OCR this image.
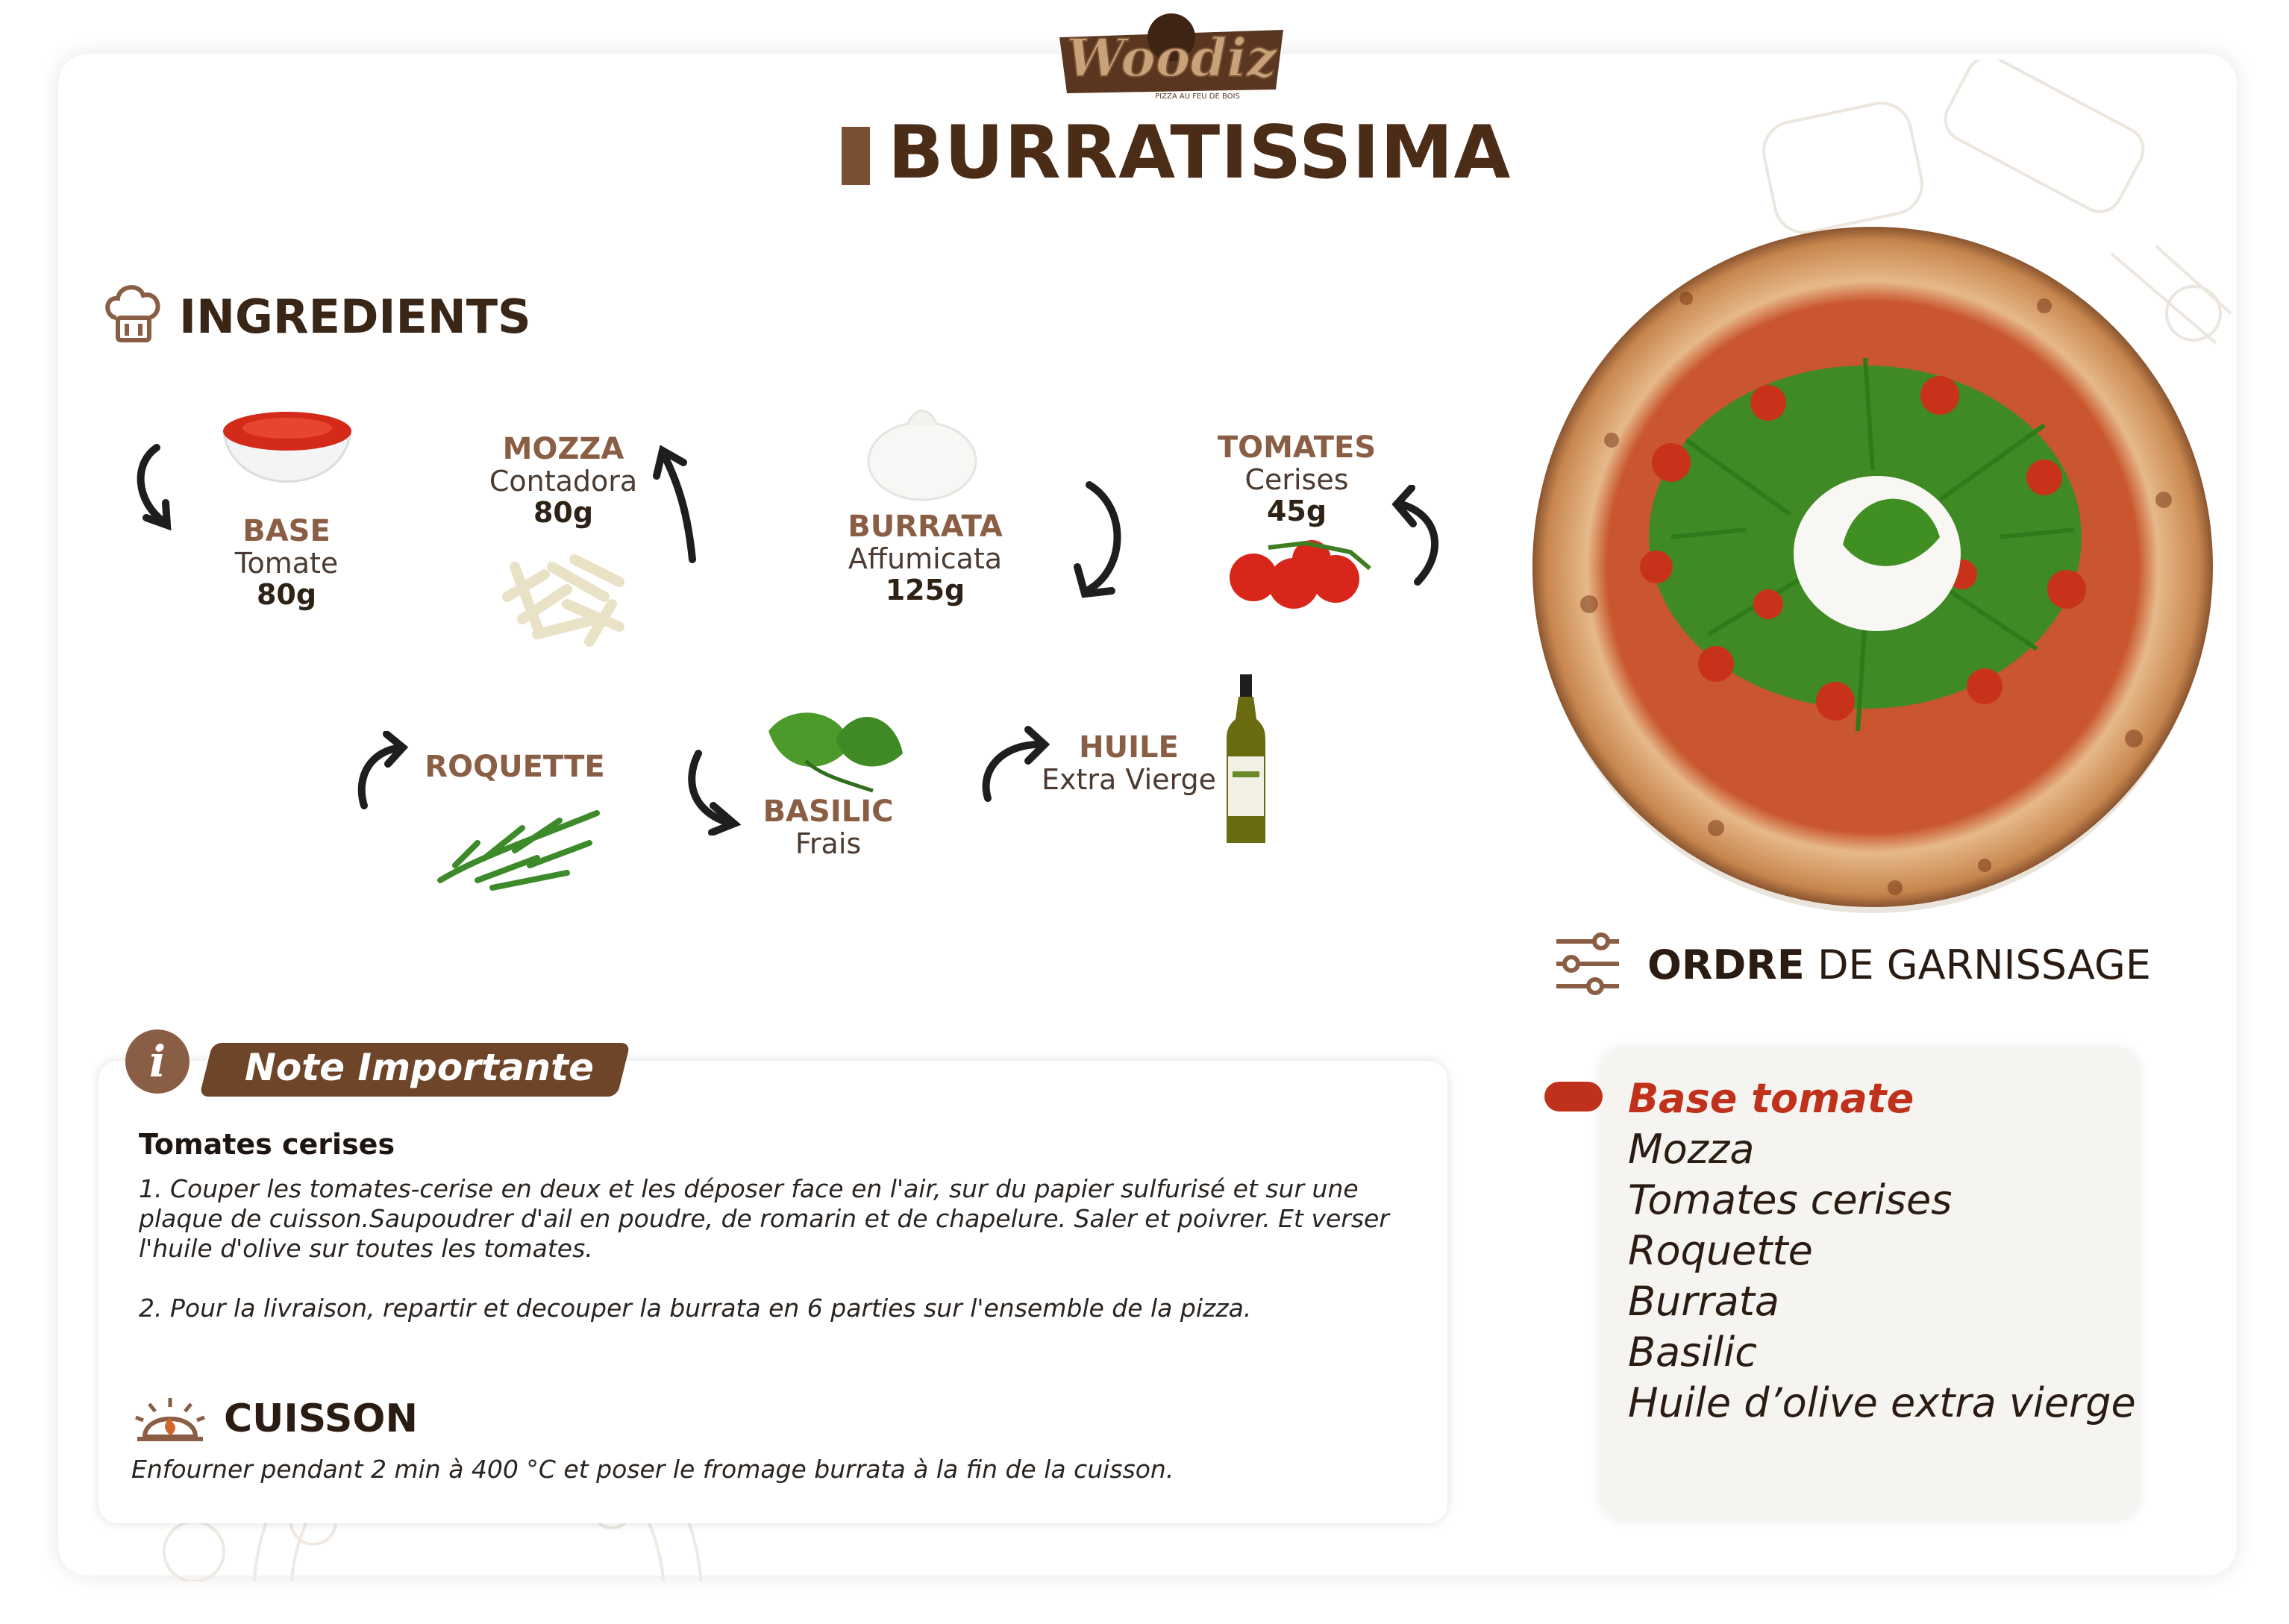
Woodiz
PIZZA AU FEU DE BOIS
BURRATISSIMA
INGREDIENTS
BASE
Tomate
80g
MOZZA
Contadora
80g	BURRATA
Affumicata
125g
TOMATES
Cerises
45g
ROQUETTE
BASILIC
Frais
HUILE
Extra Vierge
ORDRE DE GARNISSAGE
Base tomate
Mozza
Tomates cerises
Roquette
Burrata
Basilic
Huile d’olive extra vierge
Note Importante
i
Tomates cerises
1. Couper les tomates-cerise en deux et les déposer face en l'air, sur du papier sulfurisé et sur une plaque de cuisson.Saupoudrer d'ail en poudre, de romarin et de chapelure. Saler et poivrer. Et verser l'huile d'olive sur toutes les tomates.
2. Pour la livraison, repartir et decouper la burrata en 6 parties sur l'ensemble de la pizza.
CUISSON
Enfourner pendant 2 min à 400 °C et poser le fromage burrata à la fin de la cuisson.
